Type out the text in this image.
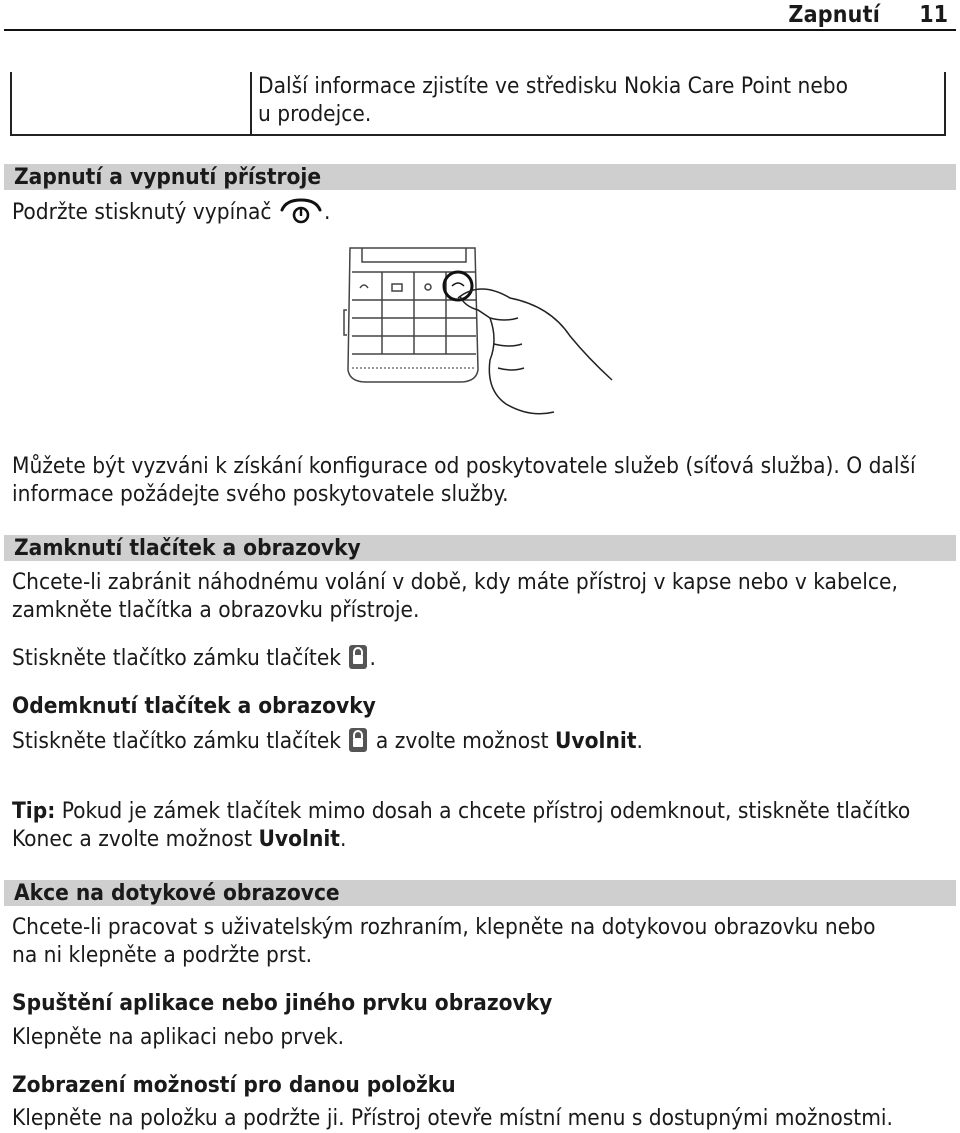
Zapnutí 11
Další informace zjistíte ve středisku Nokia Care Point nebo
u prodejce.
Zapnutí a vypnutí přístroje
Podržte stisknutý vypínač .
Můžete být vyzváni k získání konfigurace od poskytovatele služeb (síťová služba). O další
informace požádejte svého poskytovatele služby.
Zamknutí tlačítek a obrazovky
Chcete-li zabránit náhodnému volání v době, kdy máte přístroj v kapse nebo v kabelce,
zamkněte tlačítka a obrazovku přístroje.
Stiskněte tlačítko zámku tlačítek .
Odemknutí tlačítek a obrazovky
Stiskněte tlačítko zámku tlačítek  a zvolte možnost Uvolnit.
Tip: Pokud je zámek tlačítek mimo dosah a chcete přístroj odemknout, stiskněte tlačítko
Konec a zvolte možnost Uvolnit.
Akce na dotykové obrazovce
Chcete-li pracovat s uživatelským rozhraním, klepněte na dotykovou obrazovku nebo
na ni klepněte a podržte prst.
Spuštění aplikace nebo jiného prvku obrazovky
Klepněte na aplikaci nebo prvek.
Zobrazení možností pro danou položku
Klepněte na položku a podržte ji. Přístroj otevře místní menu s dostupnými možnostmi.
